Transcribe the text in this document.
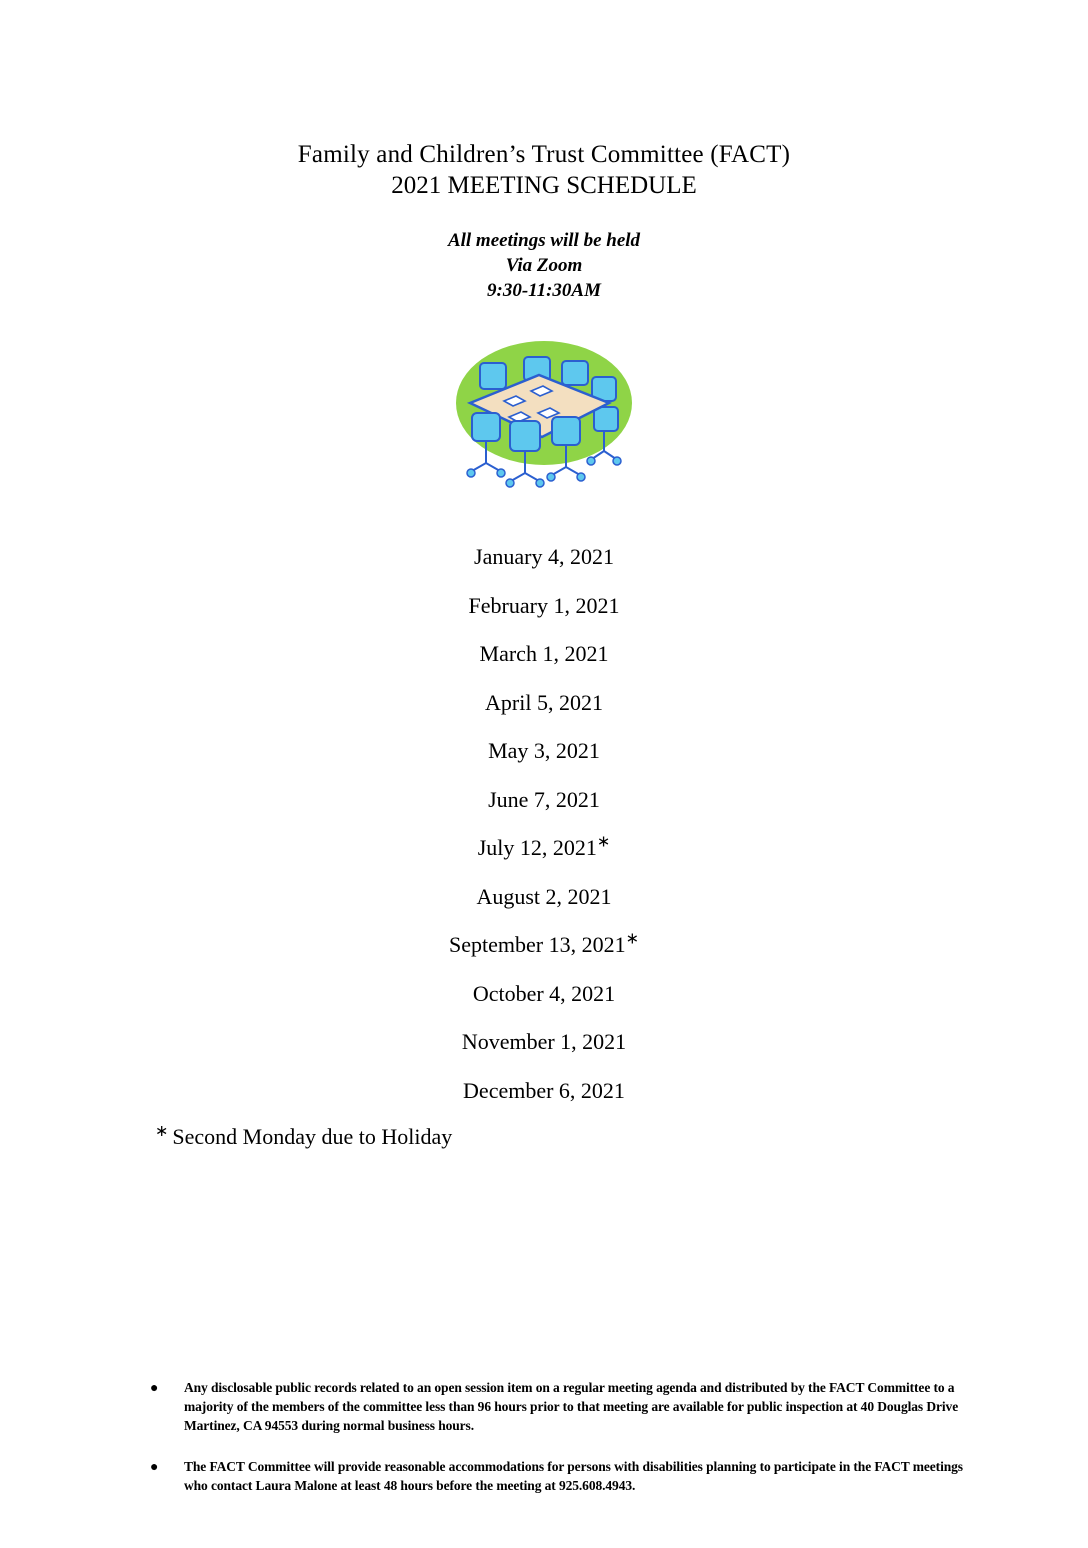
Family and Children’s Trust Committee (FACT)
2021 MEETING SCHEDULE
All meetings will be held
Via Zoom
9:30-11:30AM
January 4, 2021
February 1, 2021
March 1, 2021
April 5, 2021
May 3, 2021
June 7, 2021
July 12, 2021∗
August 2, 2021
September 13, 2021∗
October 4, 2021
November 1, 2021
December 6, 2021
∗ Second Monday due to Holiday
●	Any disclosable public records related to an open session item on a regular meeting agenda and distributed by the FACT Committee to a majority of the members of the committee less than 96 hours prior to that meeting are available for public inspection at 40 Douglas Drive Martinez, CA 94553 during normal business hours.
●	The FACT Committee will provide reasonable accommodations for persons with disabilities planning to participate in the FACT meetings who contact Laura Malone at least 48 hours before the meeting at 925.608.4943.
